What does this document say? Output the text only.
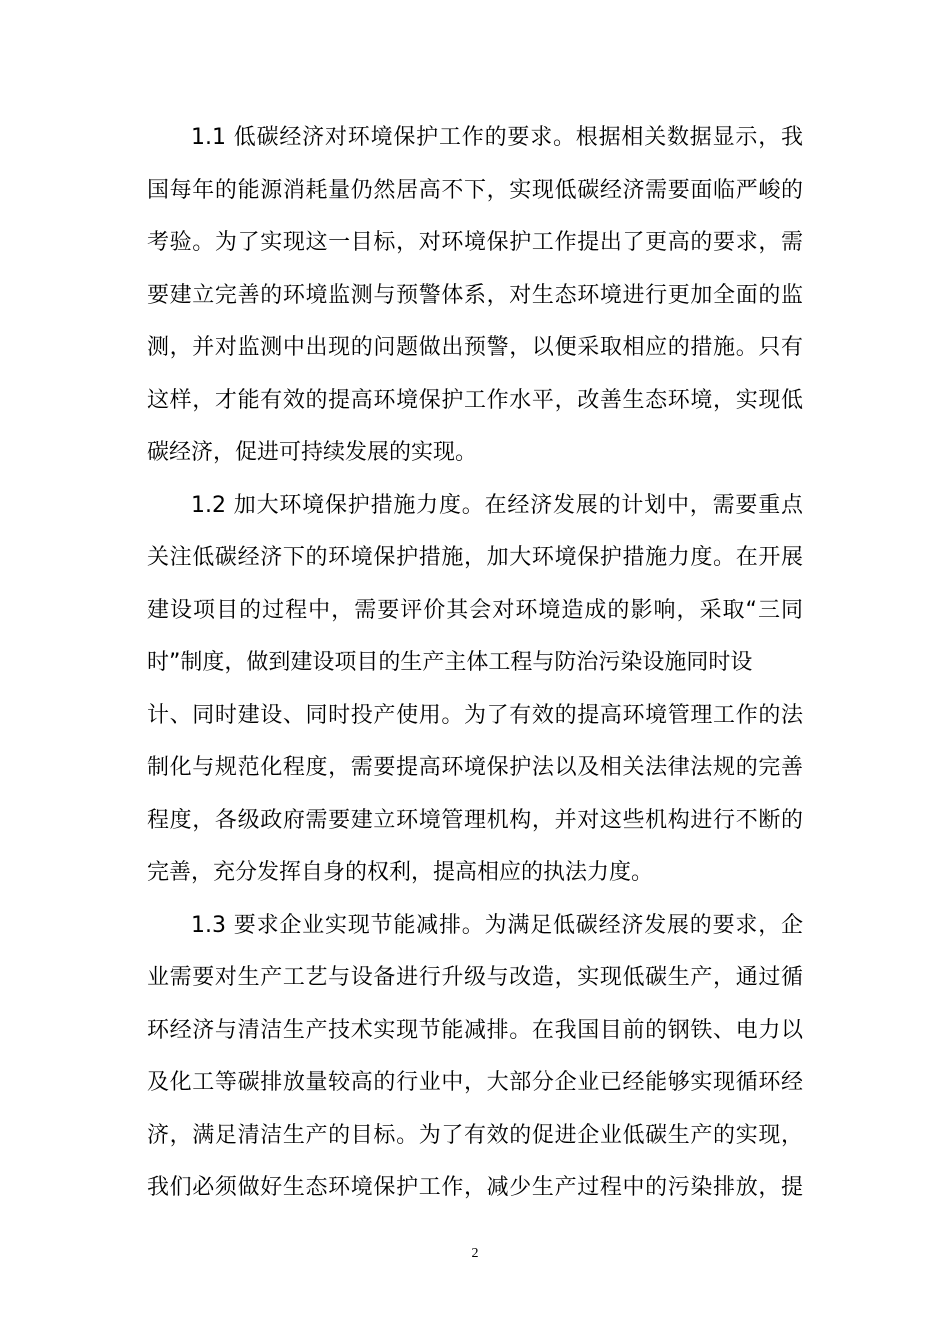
1.1 低碳经济对环境保护工作的要求。根据相关数据显示，我
国每年的能源消耗量仍然居高不下，实现低碳经济需要面临严峻的
考验。为了实现这一目标，对环境保护工作提出了更高的要求，需
要建立完善的环境监测与预警体系，对生态环境进行更加全面的监
测，并对监测中出现的问题做出预警，以便采取相应的措施。只有
这样，才能有效的提高环境保护工作水平，改善生态环境，实现低
碳经济，促进可持续发展的实现。
1.2 加大环境保护措施力度。在经济发展的计划中，需要重点
关注低碳经济下的环境保护措施，加大环境保护措施力度。在开展
建设项目的过程中，需要评价其会对环境造成的影响，采取“三同
时”制度，做到建设项目的生产主体工程与防治污染设施同时设
计、同时建设、同时投产使用。为了有效的提高环境管理工作的法
制化与规范化程度，需要提高环境保护法以及相关法律法规的完善
程度，各级政府需要建立环境管理机构，并对这些机构进行不断的
完善，充分发挥自身的权利，提高相应的执法力度。
1.3 要求企业实现节能减排。为满足低碳经济发展的要求，企
业需要对生产工艺与设备进行升级与改造，实现低碳生产，通过循
环经济与清洁生产技术实现节能减排。在我国目前的钢铁、电力以
及化工等碳排放量较高的行业中，大部分企业已经能够实现循环经
济，满足清洁生产的目标。为了有效的促进企业低碳生产的实现，
我们必须做好生态环境保护工作，减少生产过程中的污染排放，提
2
